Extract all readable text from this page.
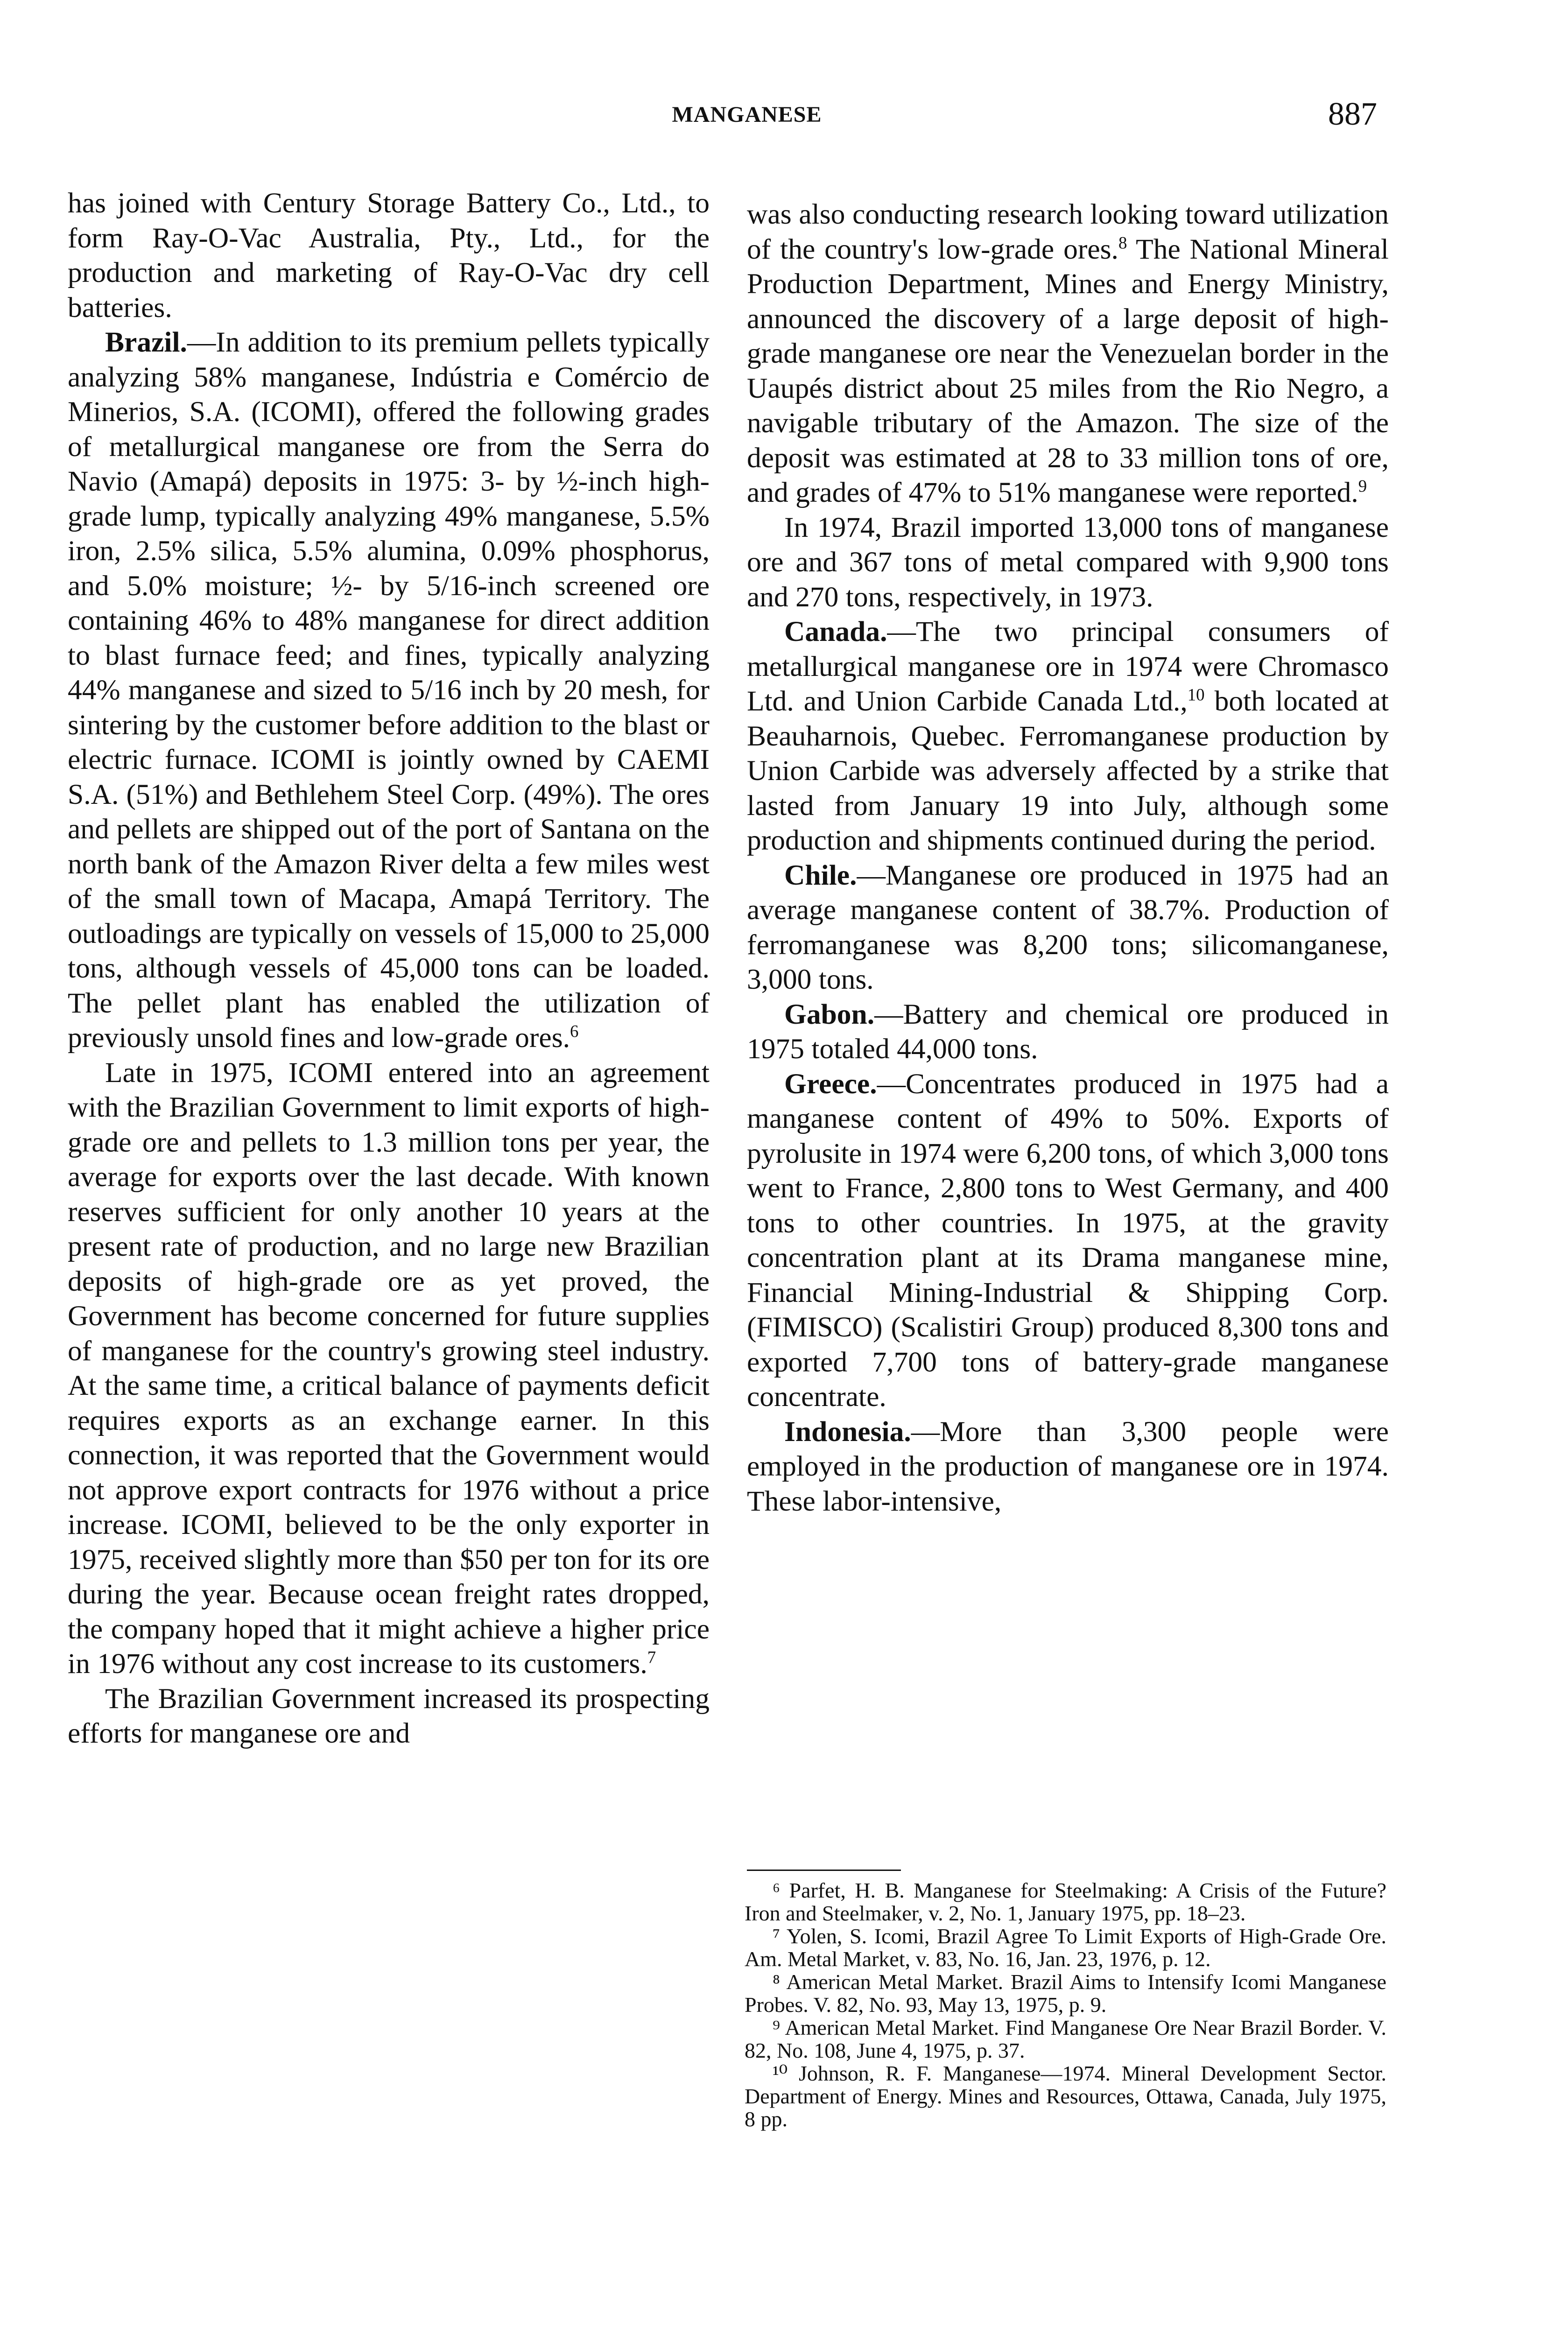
MANGANESE	887

has joined with Century Storage Battery Co., Ltd., to form Ray-O-Vac Australia, Pty., Ltd., for the production and marketing of Ray-O-Vac dry cell batteries.

Brazil.—In addition to its premium pellets typically analyzing 58% manganese, Indústria e Comércio de Minerios, S.A. (ICOMI), offered the following grades of metallurgical manganese ore from the Serra do Navio (Amapá) deposits in 1975: 3- by ½-inch high-grade lump, typically analyzing 49% manganese, 5.5% iron, 2.5% silica, 5.5% alumina, 0.09% phosphorus, and 5.0% moisture; ½- by 5/16-inch screened ore containing 46% to 48% manganese for direct addition to blast furnace feed; and fines, typically analyzing 44% manganese and sized to 5/16 inch by 20 mesh, for sintering by the customer before addition to the blast or electric furnace. ICOMI is jointly owned by CAEMI S.A. (51%) and Bethlehem Steel Corp. (49%). The ores and pellets are shipped out of the port of Santana on the north bank of the Amazon River delta a few miles west of the small town of Macapa, Amapá Territory. The outloadings are typically on vessels of 15,000 to 25,000 tons, although vessels of 45,000 tons can be loaded. The pellet plant has enabled the utilization of previously unsold fines and low-grade ores.$^6$

Late in 1975, ICOMI entered into an agreement with the Brazilian Government to limit exports of high-grade ore and pellets to 1.3 million tons per year, the average for exports over the last decade. With known reserves sufficient for only another 10 years at the present rate of production, and no large new Brazilian deposits of high-grade ore as yet proved, the Government has become concerned for future supplies of manganese for the country's growing steel industry. At the same time, a critical balance of payments deficit requires exports as an exchange earner. In this connection, it was reported that the Government would not approve export contracts for 1976 without a price increase. ICOMI, believed to be the only exporter in 1975, received slightly more than $50 per ton for its ore during the year. Because ocean freight rates dropped, the company hoped that it might achieve a higher price in 1976 without any cost increase to its customers.$^7$

The Brazilian Government increased its prospecting efforts for manganese ore and

was also conducting research looking toward utilization of the country's low-grade ores.$^8$ The National Mineral Production Department, Mines and Energy Ministry, announced the discovery of a large deposit of high-grade manganese ore near the Venezuelan border in the Uaupés district about 25 miles from the Rio Negro, a navigable tributary of the Amazon. The size of the deposit was estimated at 28 to 33 million tons of ore, and grades of 47% to 51% manganese were reported.$^9$

In 1974, Brazil imported 13,000 tons of manganese ore and 367 tons of metal compared with 9,900 tons and 270 tons, respectively, in 1973.

Canada.—The two principal consumers of metallurgical manganese ore in 1974 were Chromasco Ltd. and Union Carbide Canada Ltd.,$^{10}$ both located at Beauharnois, Quebec. Ferromanganese production by Union Carbide was adversely affected by a strike that lasted from January 19 into July, although some production and shipments continued during the period.

Chile.—Manganese ore produced in 1975 had an average manganese content of 38.7%. Production of ferromanganese was 8,200 tons; silicomanganese, 3,000 tons.

Gabon.—Battery and chemical ore produced in 1975 totaled 44,000 tons.

Greece.—Concentrates produced in 1975 had a manganese content of 49% to 50%. Exports of pyrolusite in 1974 were 6,200 tons, of which 3,000 tons went to France, 2,800 tons to West Germany, and 400 tons to other countries. In 1975, at the gravity concentration plant at its Drama manganese mine, Financial Mining-Industrial & Shipping Corp. (FIMISCO) (Scalistiri Group) produced 8,300 tons and exported 7,700 tons of battery-grade manganese concentrate.

Indonesia.—More than 3,300 people were employed in the production of manganese ore in 1974. These labor-intensive,

⁶ Parfet, H. B. Manganese for Steelmaking: A Crisis of the Future? Iron and Steelmaker, v. 2, No. 1, January 1975, pp. 18–23.

⁷ Yolen, S. Icomi, Brazil Agree To Limit Exports of High-Grade Ore. Am. Metal Market, v. 83, No. 16, Jan. 23, 1976, p. 12.

⁸ American Metal Market. Brazil Aims to Intensify Icomi Manganese Probes. V. 82, No. 93, May 13, 1975, p. 9.

⁹ American Metal Market. Find Manganese Ore Near Brazil Border. V. 82, No. 108, June 4, 1975, p. 37.

¹⁰ Johnson, R. F. Manganese—1974. Mineral Development Sector. Department of Energy. Mines and Resources, Ottawa, Canada, July 1975, 8 pp.
